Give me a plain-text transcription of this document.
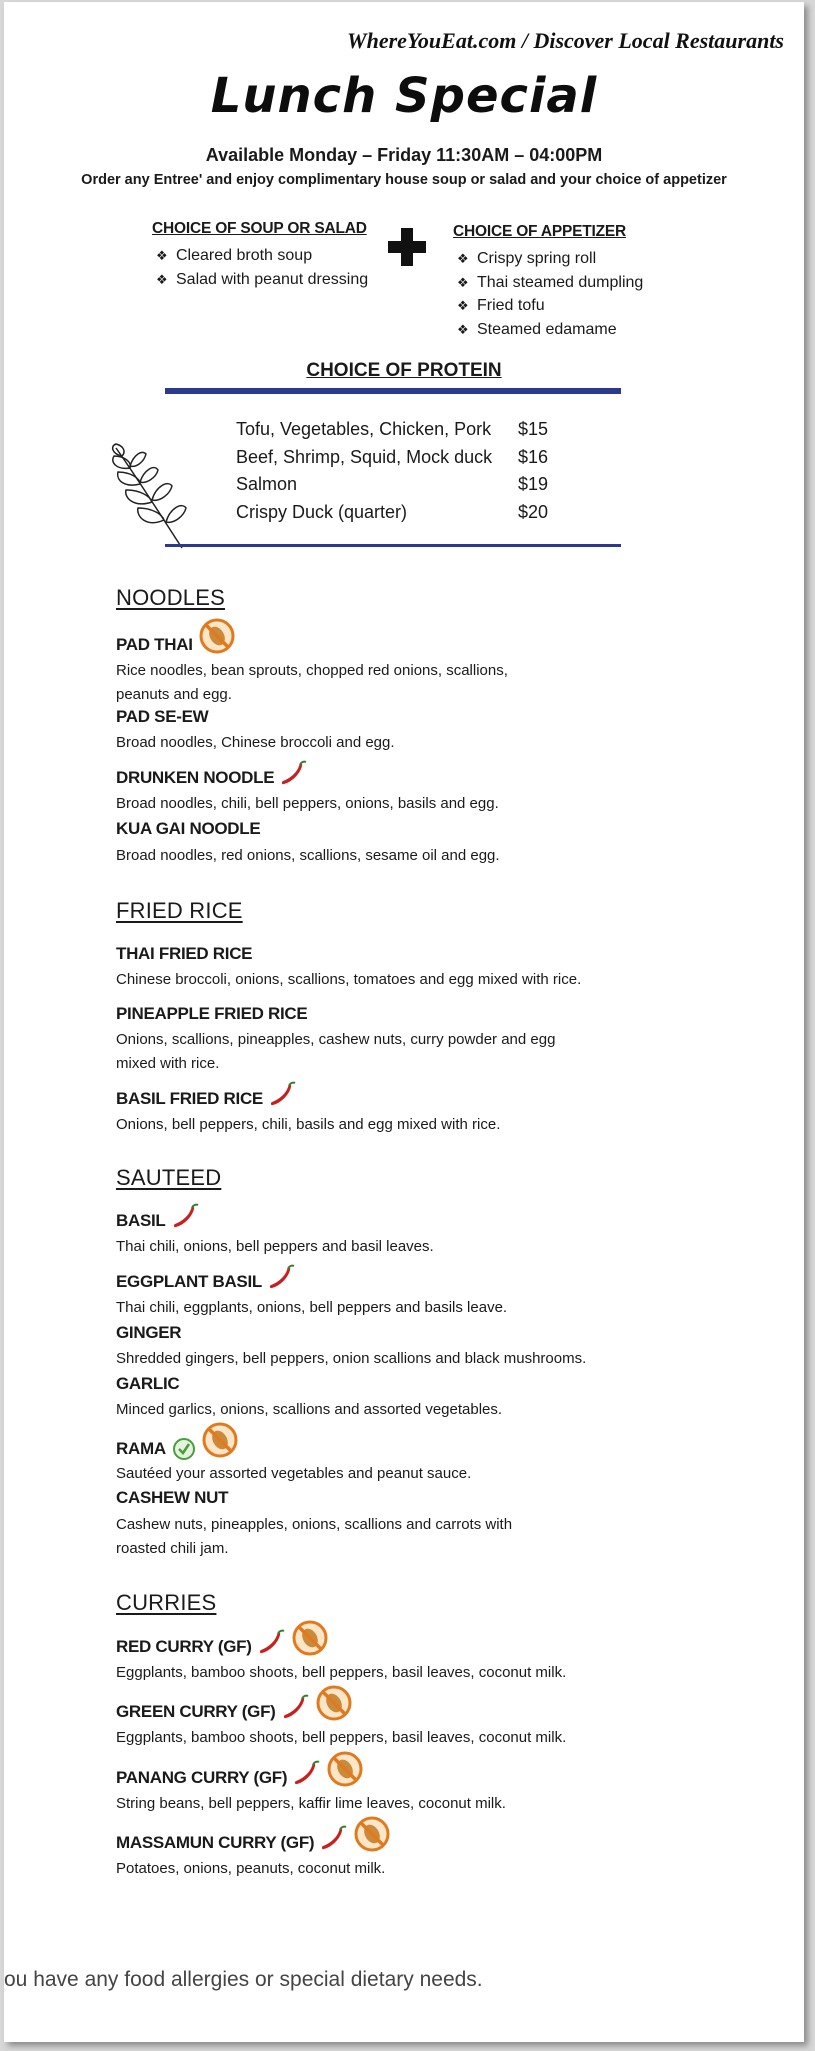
WhereYouEat.com / Discover Local Restaurants
Lunch Special
Available Monday – Friday 11:30AM – 04:00PM
Order any Entree' and enjoy complimentary house soup or salad and your choice of appetizer
CHOICE OF SOUP OR SALAD
❖ Cleared broth soup
❖ Salad with peanut dressing
CHOICE OF APPETIZER
❖ Crispy spring roll
❖ Thai steamed dumpling
❖ Fried tofu
❖ Steamed edamame
CHOICE OF PROTEIN
Tofu, Vegetables, Chicken, Pork	$15
Beef, Shrimp, Squid, Mock duck	$16
Salmon	$19
Crispy Duck (quarter)	$20
NOODLES
PAD THAI
Rice noodles, bean sprouts, chopped red onions, scallions,
peanuts and egg.
PAD SE-EW
Broad noodles, Chinese broccoli and egg.
DRUNKEN NOODLE
Broad noodles, chili, bell peppers, onions, basils and egg.
KUA GAI NOODLE
Broad noodles, red onions, scallions, sesame oil and egg.
FRIED RICE
THAI FRIED RICE
Chinese broccoli, onions, scallions, tomatoes and egg mixed with rice.
PINEAPPLE FRIED RICE
Onions, scallions, pineapples, cashew nuts, curry powder and egg
mixed with rice.
BASIL FRIED RICE
Onions, bell peppers, chili, basils and egg mixed with rice.
SAUTEED
BASIL
Thai chili, onions, bell peppers and basil leaves.
EGGPLANT BASIL
Thai chili, eggplants, onions, bell peppers and basils leave.
GINGER
Shredded gingers, bell peppers, onion scallions and black mushrooms.
GARLIC
Minced garlics, onions, scallions and assorted vegetables.
RAMA
Sautéed your assorted vegetables and peanut sauce.
CASHEW NUT
Cashew nuts, pineapples, onions, scallions and carrots with
roasted chili jam.
CURRIES
RED CURRY (GF)
Eggplants, bamboo shoots, bell peppers, basil leaves, coconut milk.
GREEN CURRY (GF)
Eggplants, bamboo shoots, bell peppers, basil leaves, coconut milk.
PANANG CURRY (GF)
String beans, bell peppers, kaffir lime leaves, coconut milk.
MASSAMUN CURRY (GF)
Potatoes, onions, peanuts, coconut milk.
ou have any food allergies or special dietary needs.
